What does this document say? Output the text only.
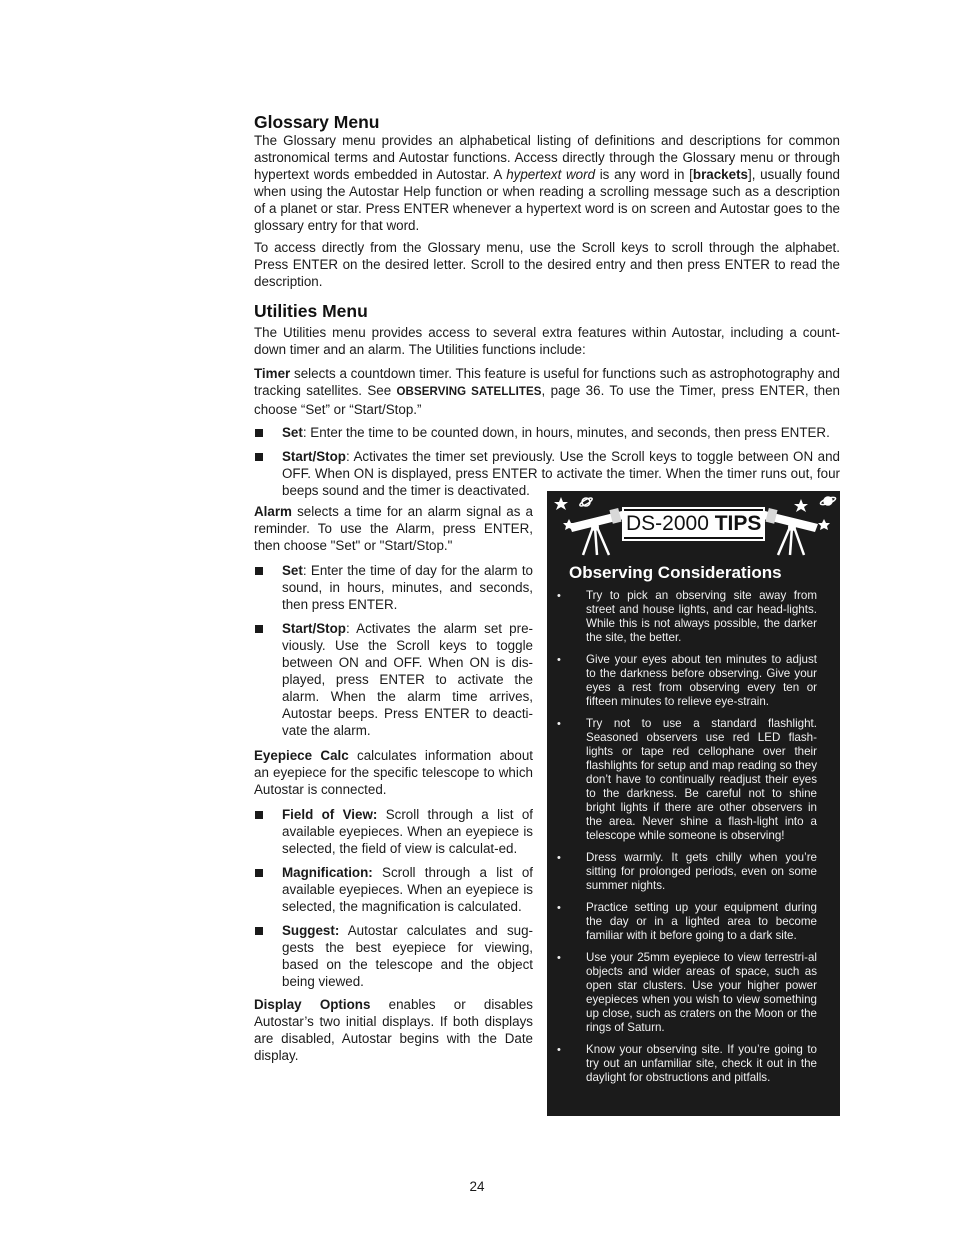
Glossary Menu

The Glossary menu provides an alphabetical listing of definitions and descriptions for common astronomical terms and Autostar functions. Access directly through the Glossary menu or through hypertext words embedded in Autostar. A hypertext word is any word in [brackets], usually found when using the Autostar Help function or when reading a scrolling message such as a description of a planet or star. Press ENTER whenever a hypertext word is on screen and Autostar goes to the glossary entry for that word.

To access directly from the Glossary menu, use the Scroll keys to scroll through the alphabet. Press ENTER on the desired letter. Scroll to the desired entry and then press ENTER to read the description.

Utilities Menu

The Utilities menu provides access to several extra features within Autostar, including a count-down timer and an alarm. The Utilities functions include:

Timer selects a countdown timer. This feature is useful for functions such as astrophotography and tracking satellites. See OBSERVING SATELLITES, page 36. To use the Timer, press ENTER, then choose “Set” or “Start/Stop.”

Set: Enter the time to be counted down, in hours, minutes, and seconds, then press ENTER.
Start/Stop: Activates the timer set previously. Use the Scroll keys to toggle between ON and OFF. When ON is displayed, press ENTER to activate the timer. When the timer runs out, four beeps sound and the timer is deactivated.

Alarm selects a time for an alarm signal as a reminder. To use the Alarm, press ENTER, then choose "Set" or "Start/Stop."

Set: Enter the time of day for the alarm to sound, in hours, minutes, and seconds, then press ENTER.
Start/Stop: Activates the alarm set pre-viously. Use the Scroll keys to toggle between ON and OFF. When ON is dis-played, press ENTER to activate the alarm. When the alarm time arrives, Autostar beeps. Press ENTER to deacti-vate the alarm.

Eyepiece Calc calculates information about an eyepiece for the specific telescope to which Autostar is connected.

Field of View: Scroll through a list of available eyepieces. When an eyepiece is selected, the field of view is calculat-ed.
Magnification: Scroll through a list of available eyepieces. When an eyepiece is selected, the magnification is calculated.
Suggest: Autostar calculates and sug-gests the best eyepiece for viewing, based on the telescope and the object being viewed.

Display Options enables or disables Autostar’s two initial displays. If both displays are disabled, Autostar begins with the Date display.

DS-2000 TIPS
Observing Considerations
• Try to pick an observing site away from street and house lights, and car head-lights. While this is not always possible, the darker the site, the better.
• Give your eyes about ten minutes to adjust to the darkness before observing. Give your eyes a rest from observing every ten or fifteen minutes to relieve eye-strain.
• Try not to use a standard flashlight. Seasoned observers use red LED flash-lights or tape red cellophane over their flashlights for setup and map reading so they don’t have to continually readjust their eyes to the darkness. Be careful not to shine bright lights if there are other observers in the area. Never shine a flash-light into a telescope while someone is observing!
• Dress warmly. It gets chilly when you’re sitting for prolonged periods, even on some summer nights.
• Practice setting up your equipment during the day or in a lighted area to become familiar with it before going to a dark site.
• Use your 25mm eyepiece to view terrestri-al objects and wider areas of space, such as open star clusters. Use your higher power eyepieces when you wish to view something up close, such as craters on the Moon or the rings of Saturn.
• Know your observing site. If you’re going to try out an unfamiliar site, check it out in the daylight for obstructions and pitfalls.
24
